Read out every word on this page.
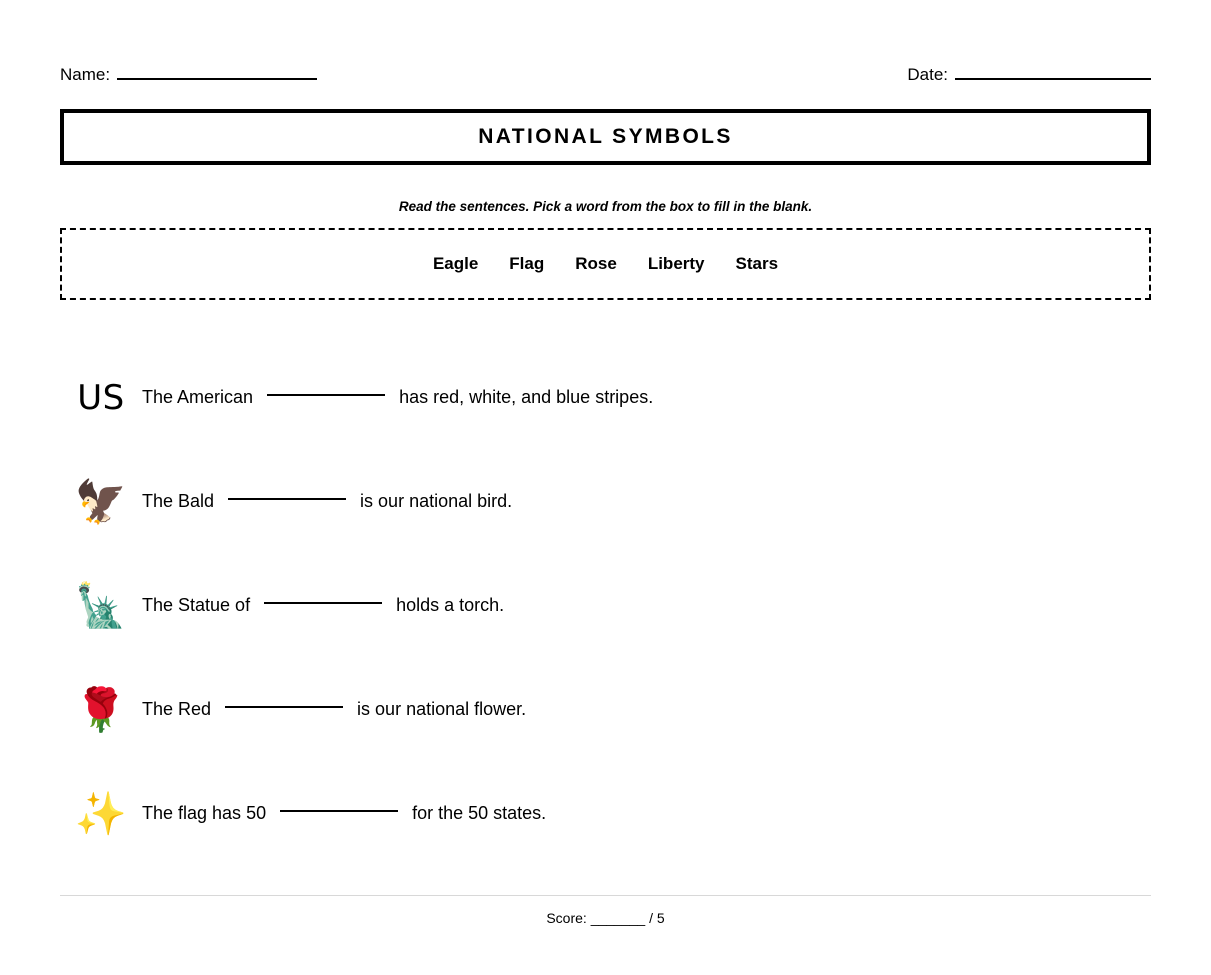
Name:	Date:
NATIONAL SYMBOLS
Read the sentences. Pick a word from the box to fill in the blank.
Eagle Flag Rose Liberty Stars
US The American	has red, white, and blue stripes.
🦅 The Bald	is our national bird.
🗽 The Statue of	holds a torch.
🌹 The Red	is our national flower.
✨ The flag has 50	for the 50 states.
Score: _______ / 5
